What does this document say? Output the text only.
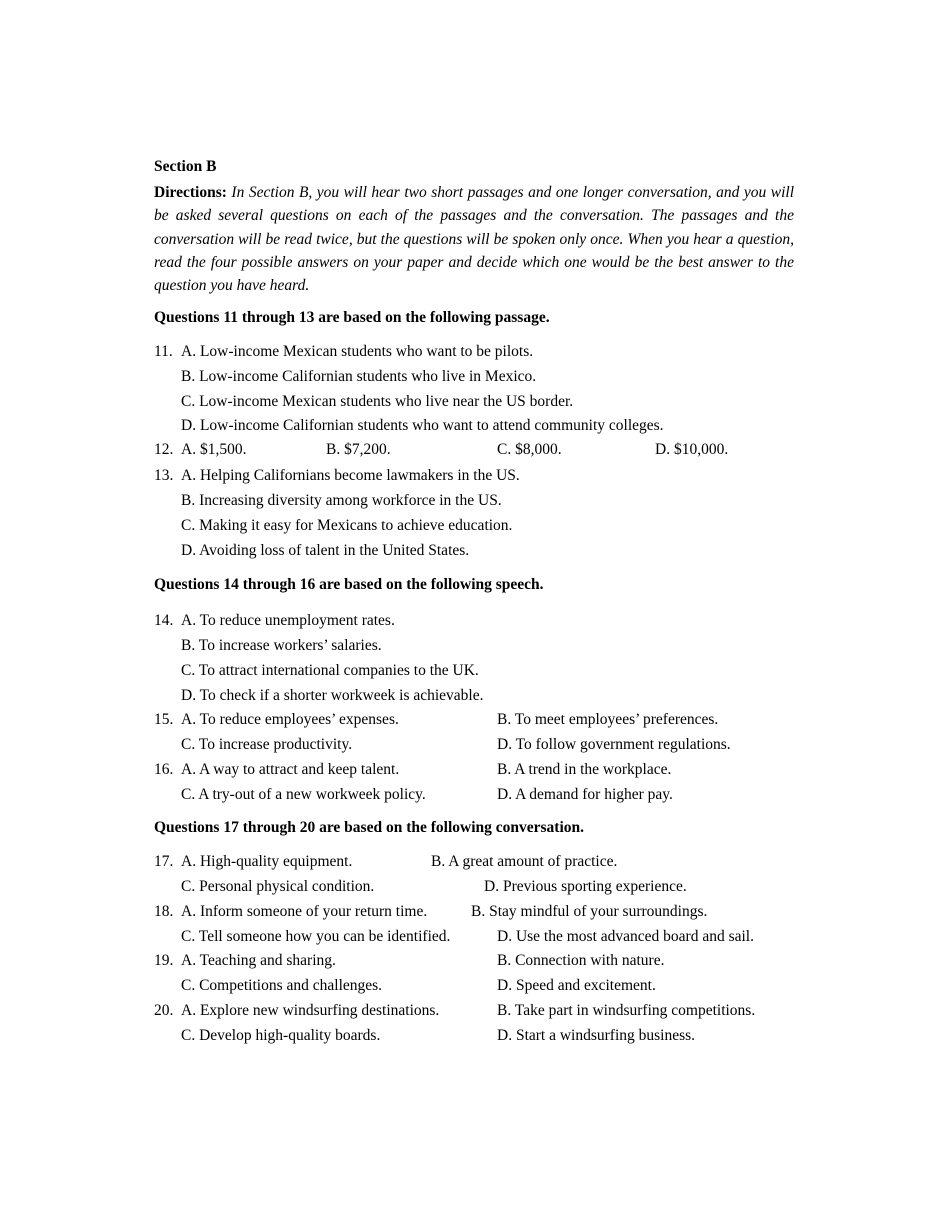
Section B
Directions: In Section B, you will hear two short passages and one longer conversation, and you will be asked several questions on each of the passages and the conversation. The passages and the conversation will be read twice, but the questions will be spoken only once. When you hear a question, read the four possible answers on your paper and decide which one would be the best answer to the question you have heard.
Questions 11 through 13 are based on the following passage.
11. A. Low-income Mexican students who want to be pilots.
B. Low-income Californian students who live in Mexico.
C. Low-income Mexican students who live near the US border.
D. Low-income Californian students who want to attend community colleges.
12. A. $1,500.	B. $7,200.	C. $8,000.	D. $10,000.
13. A. Helping Californians become lawmakers in the US.
B. Increasing diversity among workforce in the US.
C. Making it easy for Mexicans to achieve education.
D. Avoiding loss of talent in the United States.
Questions 14 through 16 are based on the following speech.
14. A. To reduce unemployment rates.
B. To increase workers’ salaries.
C. To attract international companies to the UK.
D. To check if a shorter workweek is achievable.
15. A. To reduce employees’ expenses.	B. To meet employees’ preferences.
C. To increase productivity.	D. To follow government regulations.
16. A. A way to attract and keep talent.	B. A trend in the workplace.
C. A try-out of a new workweek policy.	D. A demand for higher pay.
Questions 17 through 20 are based on the following conversation.
17. A. High-quality equipment.	B. A great amount of practice.
C. Personal physical condition.	D. Previous sporting experience.
18. A. Inform someone of your return time.	B. Stay mindful of your surroundings.
C. Tell someone how you can be identified.	D. Use the most advanced board and sail.
19. A. Teaching and sharing.	B. Connection with nature.
C. Competitions and challenges.	D. Speed and excitement.
20. A. Explore new windsurfing destinations.	B. Take part in windsurfing competitions.
C. Develop high-quality boards.	D. Start a windsurfing business.
